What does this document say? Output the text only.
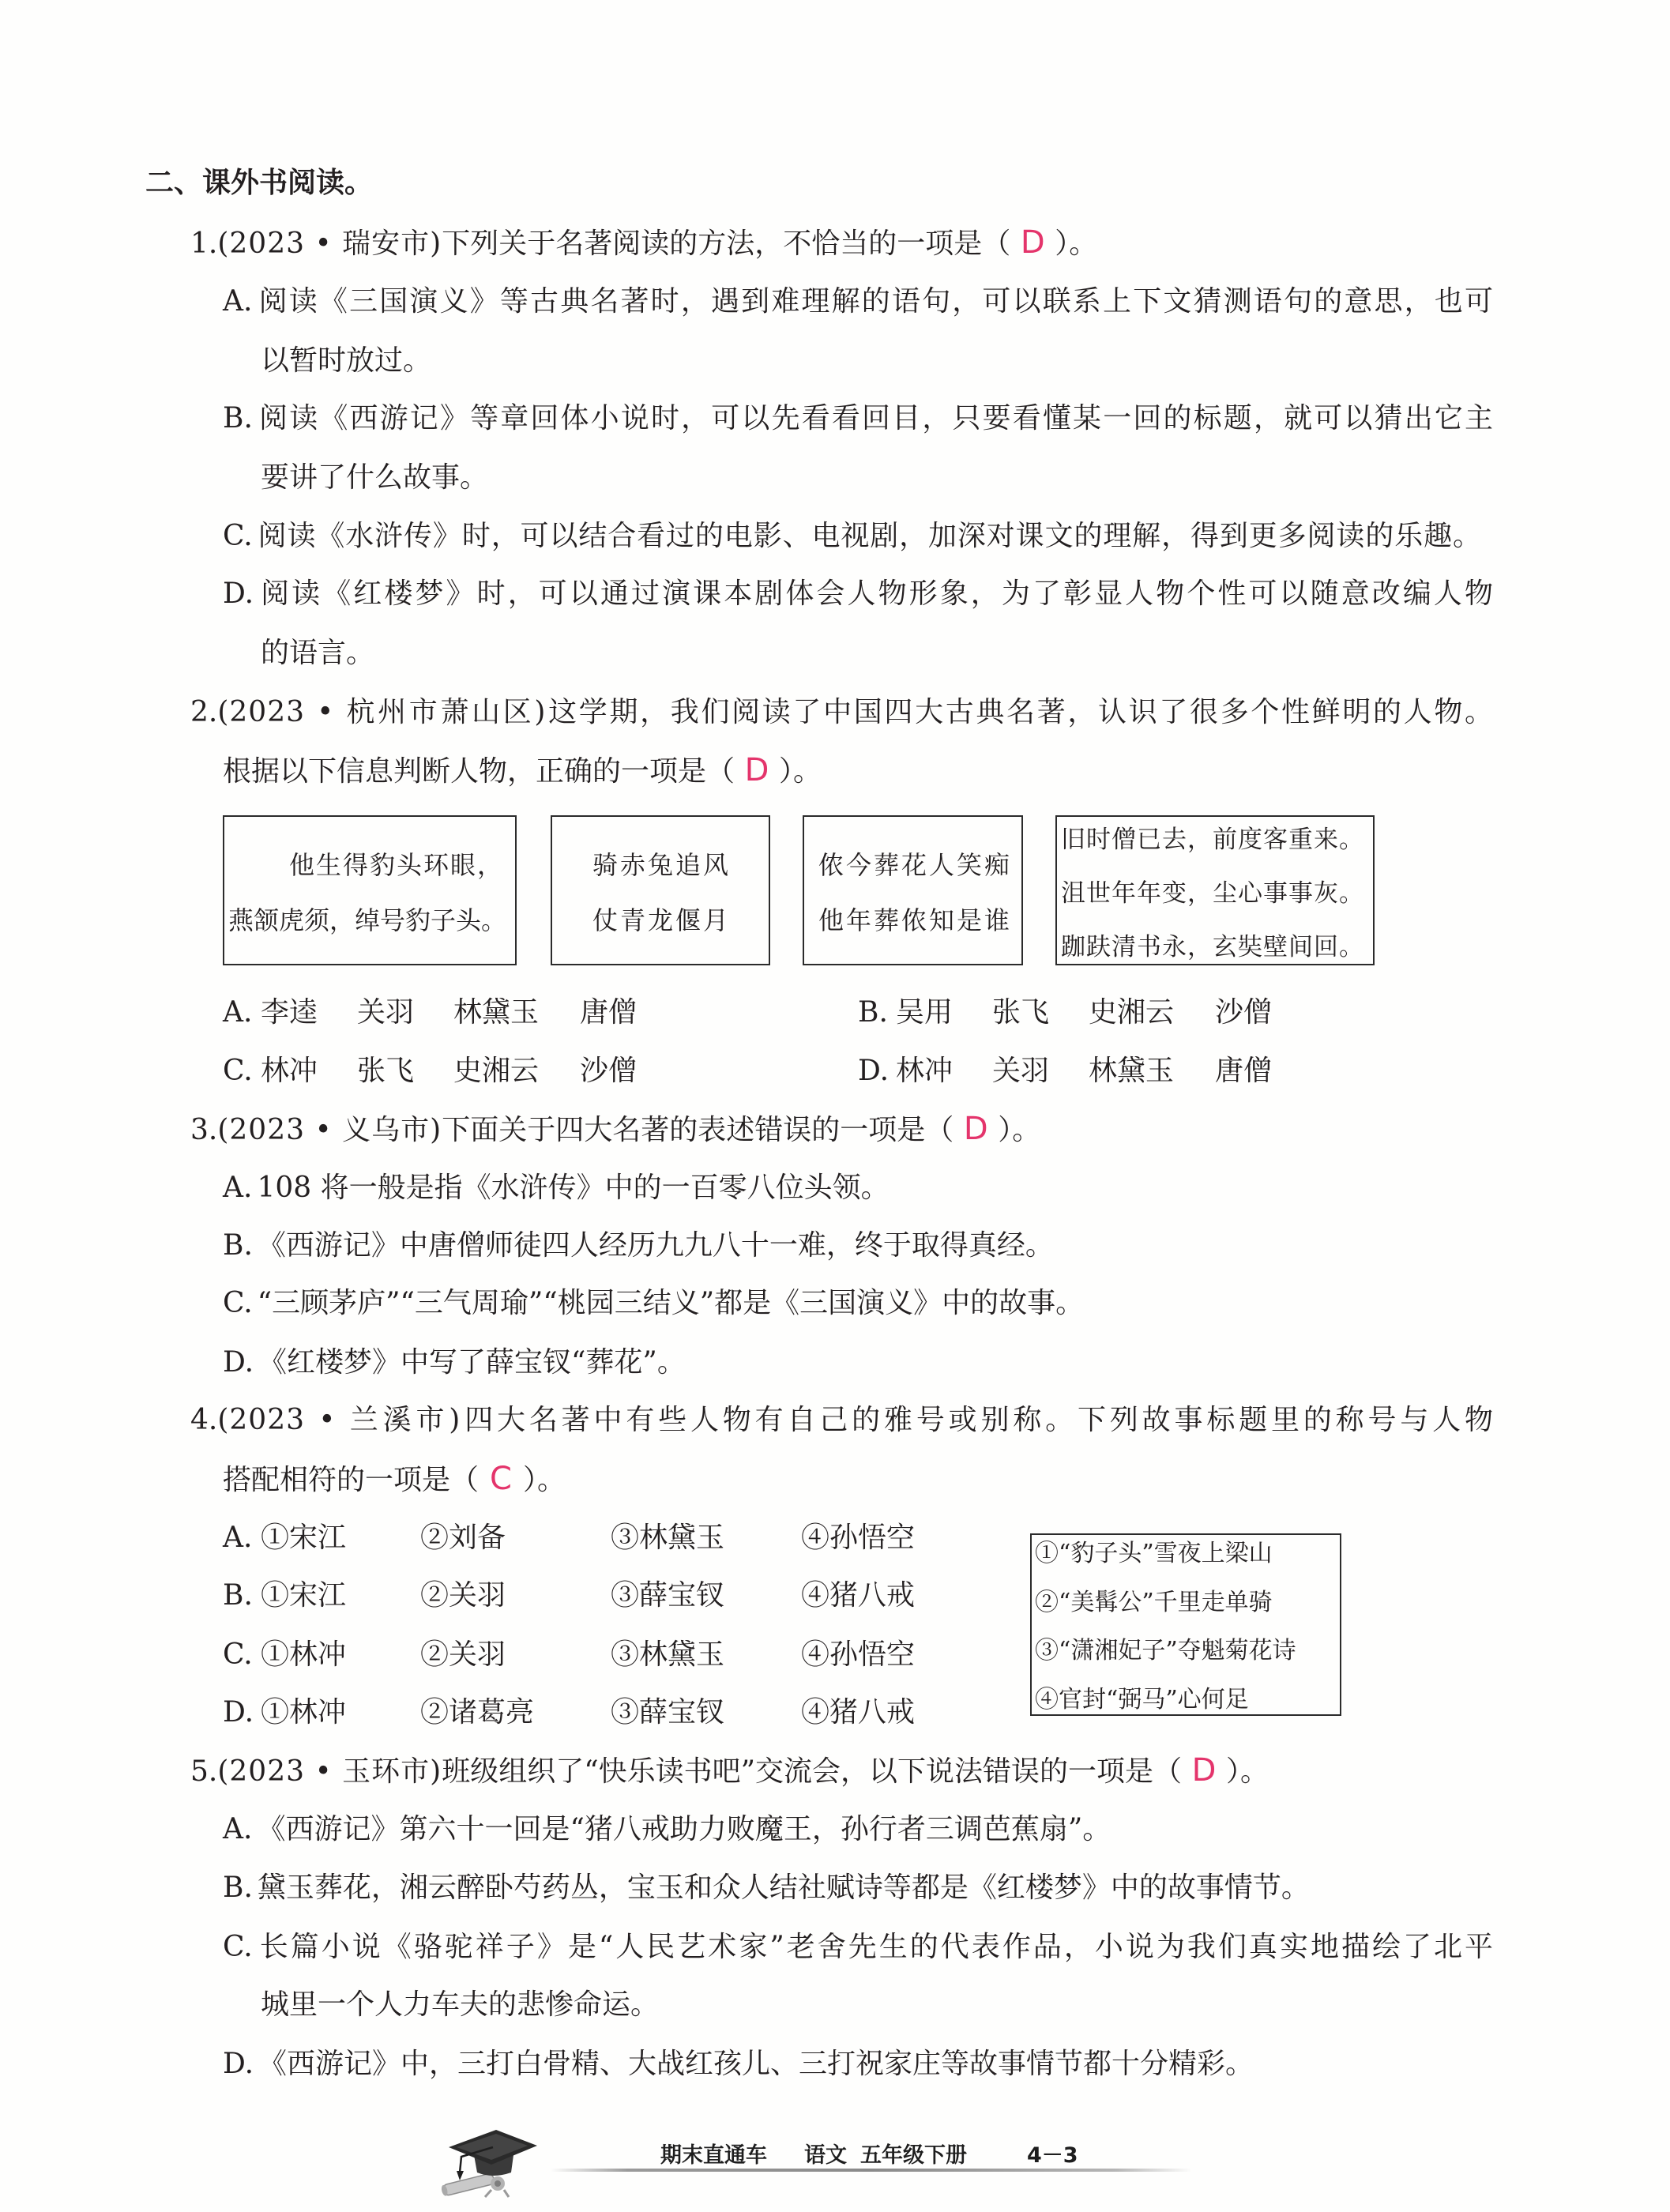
二、课外书阅读。
1.(2023 • 瑞安市)下列关于名著阅读的方法，不恰当的一项是（ D ）。
A. 阅读《三国演义》等古典名著时，遇到难理解的语句，可以联系上下文猜测语句的意思，也可
以暂时放过。
B. 阅读《西游记》等章回体小说时，可以先看看回目，只要看懂某一回的标题，就可以猜出它主
要讲了什么故事。
C. 阅读《水浒传》时，可以结合看过的电影、电视剧，加深对课文的理解，得到更多阅读的乐趣。
D. 阅读《红楼梦》时，可以通过演课本剧体会人物形象，为了彰显人物个性可以随意改编人物
的语言。
2.(2023 • 杭州市萧山区)这学期，我们阅读了中国四大古典名著，认识了很多个性鲜明的人物。
根据以下信息判断人物，正确的一项是（ D ）。
他生得豹头环眼，
燕颔虎须，绰号豹子头。
骑赤兔追风
仗青龙偃月
侬今葬花人笑痴
他年葬侬知是谁
旧时僧已去，前度客重来。
沮世年年变，尘心事事灰。
跏趺清书永，玄奘壁间回。
A. 李逵 关羽 林黛玉 唐僧	B. 吴用 张飞 史湘云 沙僧
C. 林冲 张飞 史湘云 沙僧	D. 林冲 关羽 林黛玉 唐僧
3.(2023 • 义乌市)下面关于四大名著的表述错误的一项是（ D ）。
A. 108 将一般是指《水浒传》中的一百零八位头领。
B. 《西游记》中唐僧师徒四人经历九九八十一难，终于取得真经。
C. “三顾茅庐”“三气周瑜”“桃园三结义”都是《三国演义》中的故事。
D. 《红楼梦》中写了薛宝钗“葬花”。
4.(2023 • 兰溪市)四大名著中有些人物有自己的雅号或别称。下列故事标题里的称号与人物
搭配相符的一项是（ C ）。
A. ①宋江	②刘备	③林黛玉	④孙悟空
B. ①宋江	②关羽	③薛宝钗	④猪八戒
C. ①林冲	②关羽	③林黛玉	④孙悟空
D. ①林冲	②诸葛亮	③薛宝钗	④猪八戒
①“豹子头”雪夜上梁山
②“美髯公”千里走单骑
③“潇湘妃子”夺魁菊花诗
④官封“弼马”心何足
5.(2023 • 玉环市)班级组织了“快乐读书吧”交流会，以下说法错误的一项是（ D ）。
A. 《西游记》第六十一回是“猪八戒助力败魔王，孙行者三调芭蕉扇”。
B. 黛玉葬花，湘云醉卧芍药丛，宝玉和众人结社赋诗等都是《红楼梦》中的故事情节。
C. 长篇小说《骆驼祥子》是“人民艺术家”老舍先生的代表作品，小说为我们真实地描绘了北平
城里一个人力车夫的悲惨命运。
D. 《西游记》中，三打白骨精、大战红孩儿、三打祝家庄等故事情节都十分精彩。
期末直通车 语文 五年级下册	4－3
